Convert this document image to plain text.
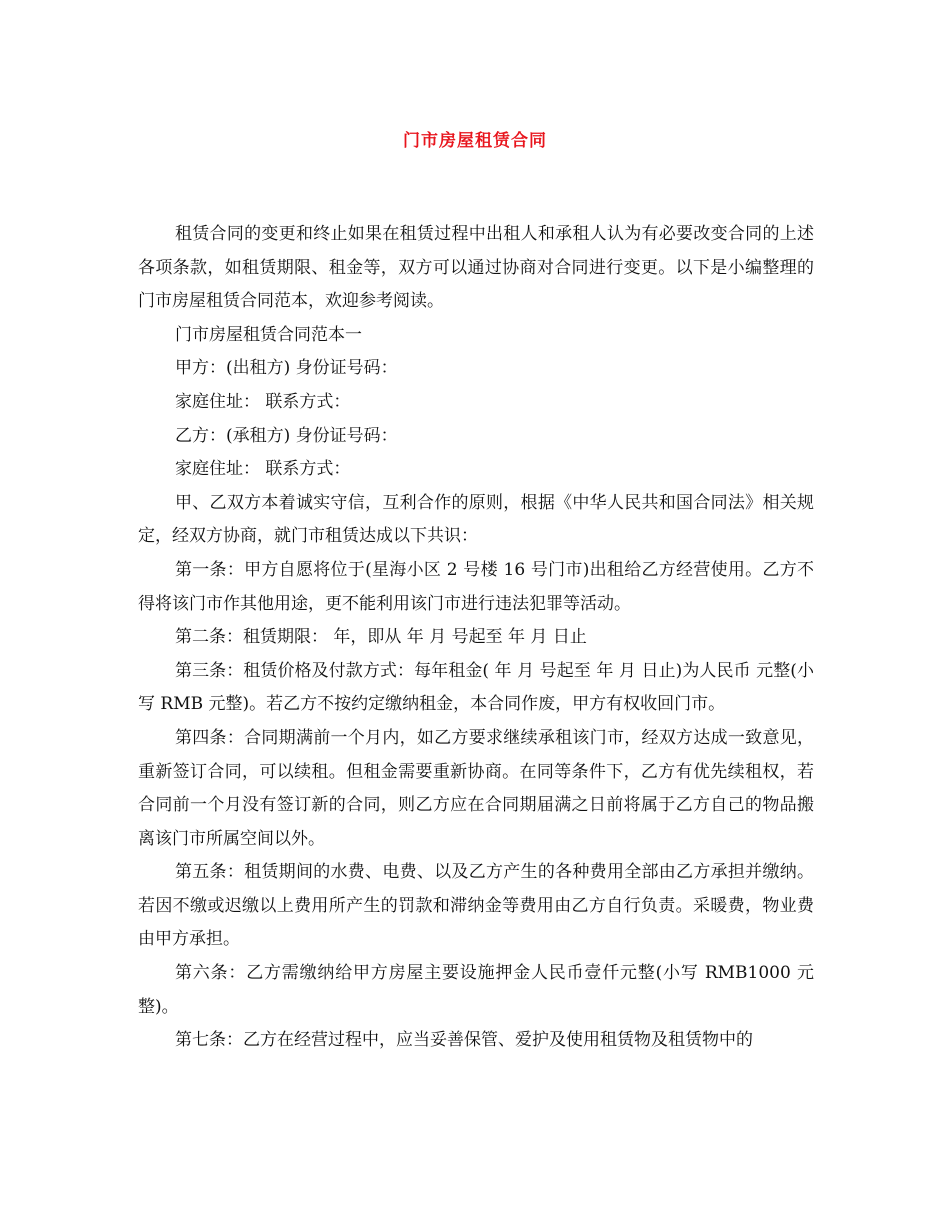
门市房屋租赁合同

租赁合同的变更和终止如果在租赁过程中出租人和承租人认为有必要改变合同的上述各项条款，如租赁期限、租金等，双方可以通过协商对合同进行变更。以下是小编整理的门市房屋租赁合同范本，欢迎参考阅读。

门市房屋租赁合同范本一

甲方：(出租方) 身份证号码：

家庭住址： 联系方式：

乙方：(承租方) 身份证号码：

家庭住址： 联系方式：

甲、乙双方本着诚实守信，互利合作的原则，根据《中华人民共和国合同法》相关规定，经双方协商，就门市租赁达成以下共识：

第一条：甲方自愿将位于(星海小区 2 号楼 16 号门市)出租给乙方经营使用。乙方不得将该门市作其他用途，更不能利用该门市进行违法犯罪等活动。

第二条：租赁期限： 年，即从 年 月 号起至 年 月 日止

第三条：租赁价格及付款方式：每年租金( 年 月 号起至 年 月 日止)为人民币 元整(小写 RMB 元整)。若乙方不按约定缴纳租金，本合同作废，甲方有权收回门市。

第四条：合同期满前一个月内，如乙方要求继续承租该门市，经双方达成一致意见，重新签订合同，可以续租。但租金需要重新协商。在同等条件下，乙方有优先续租权，若合同前一个月没有签订新的合同，则乙方应在合同期届满之日前将属于乙方自己的物品搬离该门市所属空间以外。

第五条：租赁期间的水费、电费、以及乙方产生的各种费用全部由乙方承担并缴纳。若因不缴或迟缴以上费用所产生的罚款和滞纳金等费用由乙方自行负责。采暖费，物业费由甲方承担。

第六条：乙方需缴纳给甲方房屋主要设施押金人民币壹仟元整(小写 RMB1000 元整)。

第七条：乙方在经营过程中，应当妥善保管、爱护及使用租赁物及租赁物中的
